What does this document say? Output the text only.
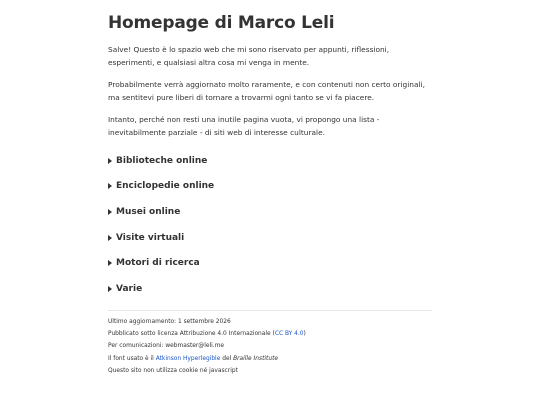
Homepage di Marco Leli

Salve! Questo è lo spazio web che mi sono riservato per appunti, riflessioni, esperimenti, e qualsiasi altra cosa mi venga in mente.

Probabilmente verrà aggiornato molto raramente, e con contenuti non certo originali, ma sentitevi pure liberi di tornare a trovarmi ogni tanto se vi fa piacere.

Intanto, perché non resti una inutile pagina vuota, vi propongo una lista - inevitabilmente parziale - di siti web di interesse culturale.

Biblioteche online
Enciclopedie online
Musei online
Visite virtuali
Motori di ricerca
Varie

Ultimo aggiornamento: 1 settembre 2026

Pubblicato sotto licenza Attribuzione 4.0 Internazionale (CC BY 4.0)

Per comunicazioni: webmaster@leli.me

Il font usato è il Atkinson Hyperlegible del Braille Institute

Questo sito non utilizza cookie né javascript
